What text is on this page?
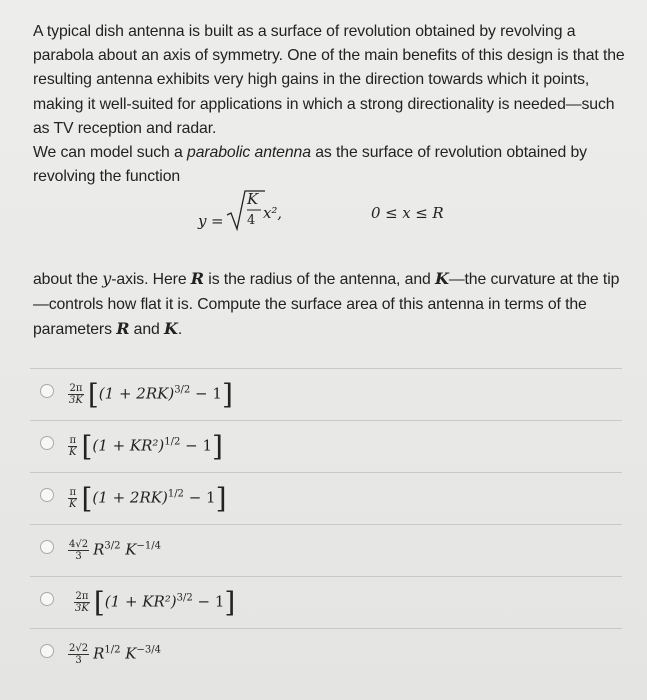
A typical dish antenna is built as a surface of revolution obtained by revolving a parabola about an axis of symmetry. One of the main benefits of this design is that the resulting antenna exhibits very high gains in the direction towards which it points, making it well-suited for applications in which a strong directionality is needed—such as TV reception and radar.

We can model such a parabolic antenna as the surface of revolution obtained by revolving the function

y =
K
4 x²,	0 ≤ x ≤ R

about the y-axis. Here R is the radius of the antenna, and K—the curvature at the tip—controls how flat it is. Compute the surface area of this antenna in terms of the parameters R and K.

$\frac{2\pi}{3K} [(1 + 2RK)^{3/2} - 1]$
$\frac{\pi}{K} [(1 + KR^2)^{1/2} - 1]$
$\frac{\pi}{K} [(1 + 2RK)^{1/2} - 1]$
$\frac{4√2}{3} R^{3/2}$ $K^{-1/4}$
$\frac{2\pi}{3K} [(1 + KR^2)^{3/2} - 1]$
$\frac{2√2}{3} R^{1/2}$ $K^{-3/4}$
